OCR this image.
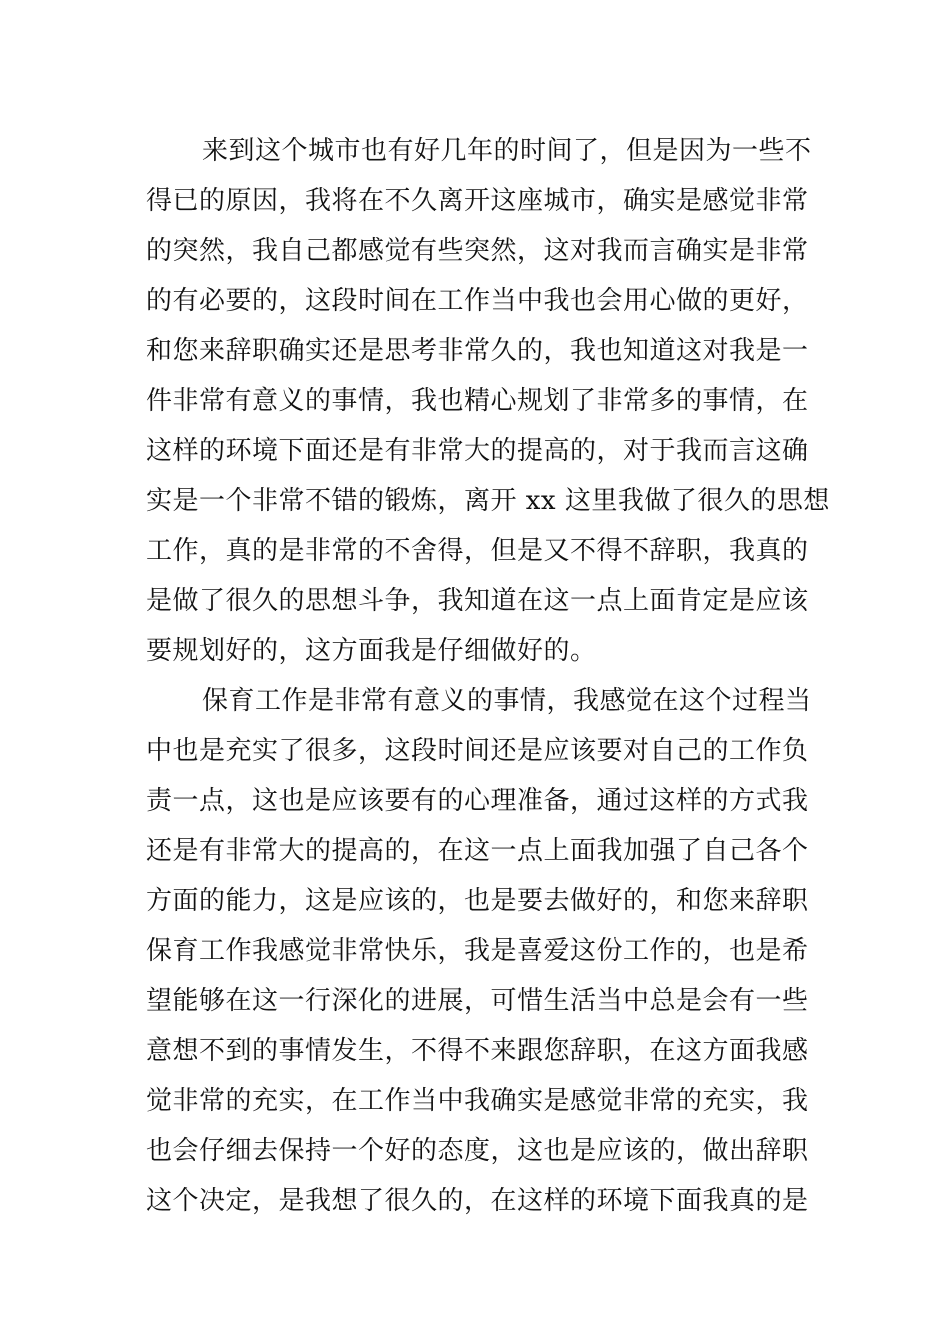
来到这个城市也有好几年的时间了，但是因为一些不
得已的原因，我将在不久离开这座城市，确实是感觉非常
的突然，我自己都感觉有些突然，这对我而言确实是非常
的有必要的，这段时间在工作当中我也会用心做的更好，
和您来辞职确实还是思考非常久的，我也知道这对我是一
件非常有意义的事情，我也精心规划了非常多的事情，在
这样的环境下面还是有非常大的提高的，对于我而言这确
实是一个非常不错的锻炼，离开 xx 这里我做了很久的思想
工作，真的是非常的不舍得，但是又不得不辞职，我真的
是做了很久的思想斗争，我知道在这一点上面肯定是应该
要规划好的，这方面我是仔细做好的。
保育工作是非常有意义的事情，我感觉在这个过程当
中也是充实了很多，这段时间还是应该要对自己的工作负
责一点，这也是应该要有的心理准备，通过这样的方式我
还是有非常大的提高的，在这一点上面我加强了自己各个
方面的能力，这是应该的，也是要去做好的，和您来辞职
保育工作我感觉非常快乐，我是喜爱这份工作的，也是希
望能够在这一行深化的进展，可惜生活当中总是会有一些
意想不到的事情发生，不得不来跟您辞职，在这方面我感
觉非常的充实，在工作当中我确实是感觉非常的充实，我
也会仔细去保持一个好的态度，这也是应该的，做出辞职
这个决定，是我想了很久的，在这样的环境下面我真的是
